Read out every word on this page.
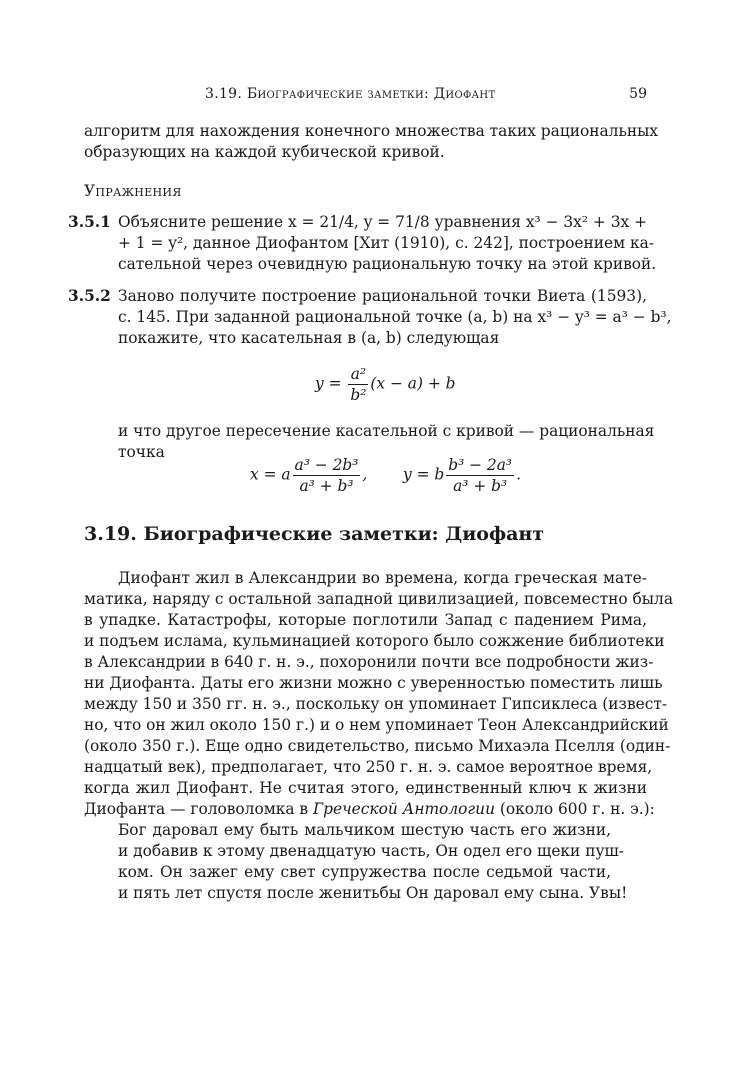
3.19. Биографические заметки: Диофант	59
алгоритм для нахождения конечного множества таких рациональных
образующих на каждой кубической кривой.
Упражнения
3.5.1 Объясните решение x = 21/4, y = 71/8 уравнения x³ − 3x² + 3x +
+ 1 = y², данное Диофантом [Хит (1910), с. 242], построением ка-
сательной через очевидную рациональную точку на этой кривой.
3.5.2 Заново получите построение рациональной точки Виета (1593),
с. 145. При заданной рациональной точке (a, b) на x³ − y³ = a³ − b³,
покажите, что касательная в (a, b) следующая
$y = \frac{\text{a²}}{\text{b²}} (x - a) + b$
и что другое пересечение касательной с кривой — рациональная
точка
x = a $\frac{\text{a³ − 2b³}}{\text{a³ + b³}}$ , y = b $\frac{\text{b³ − 2a³}}{\text{a³ + b³}}$ .
3.19. Биографические заметки: Диофант
Диофант жил в Александрии во времена, когда греческая мате-
матика, наряду с остальной западной цивилизацией, повсеместно была
в упадке. Катастрофы, которые поглотили Запад с падением Рима,
и подъем ислама, кульминацией которого было сожжение библиотеки
в Александрии в 640 г. н. э., похоронили почти все подробности жиз-
ни Диофанта. Даты его жизни можно с уверенностью поместить лишь
между 150 и 350 гг. н. э., поскольку он упоминает Гипсиклеса (извест-
но, что он жил около 150 г.) и о нем упоминает Теон Александрийский
(около 350 г.). Еще одно свидетельство, письмо Михаэла Пселля (один-
надцатый век), предполагает, что 250 г. н. э. самое вероятное время,
когда жил Диофант. Не считая этого, единственный ключ к жизни
Диофанта — головоломка в Греческой Антологии (около 600 г. н. э.):
Бог даровал ему быть мальчиком шестую часть его жизни,
и добавив к этому двенадцатую часть, Он одел его щеки пуш-
ком. Он зажег ему свет супружества после седьмой части,
и пять лет спустя после женитьбы Он даровал ему сына. Увы!
